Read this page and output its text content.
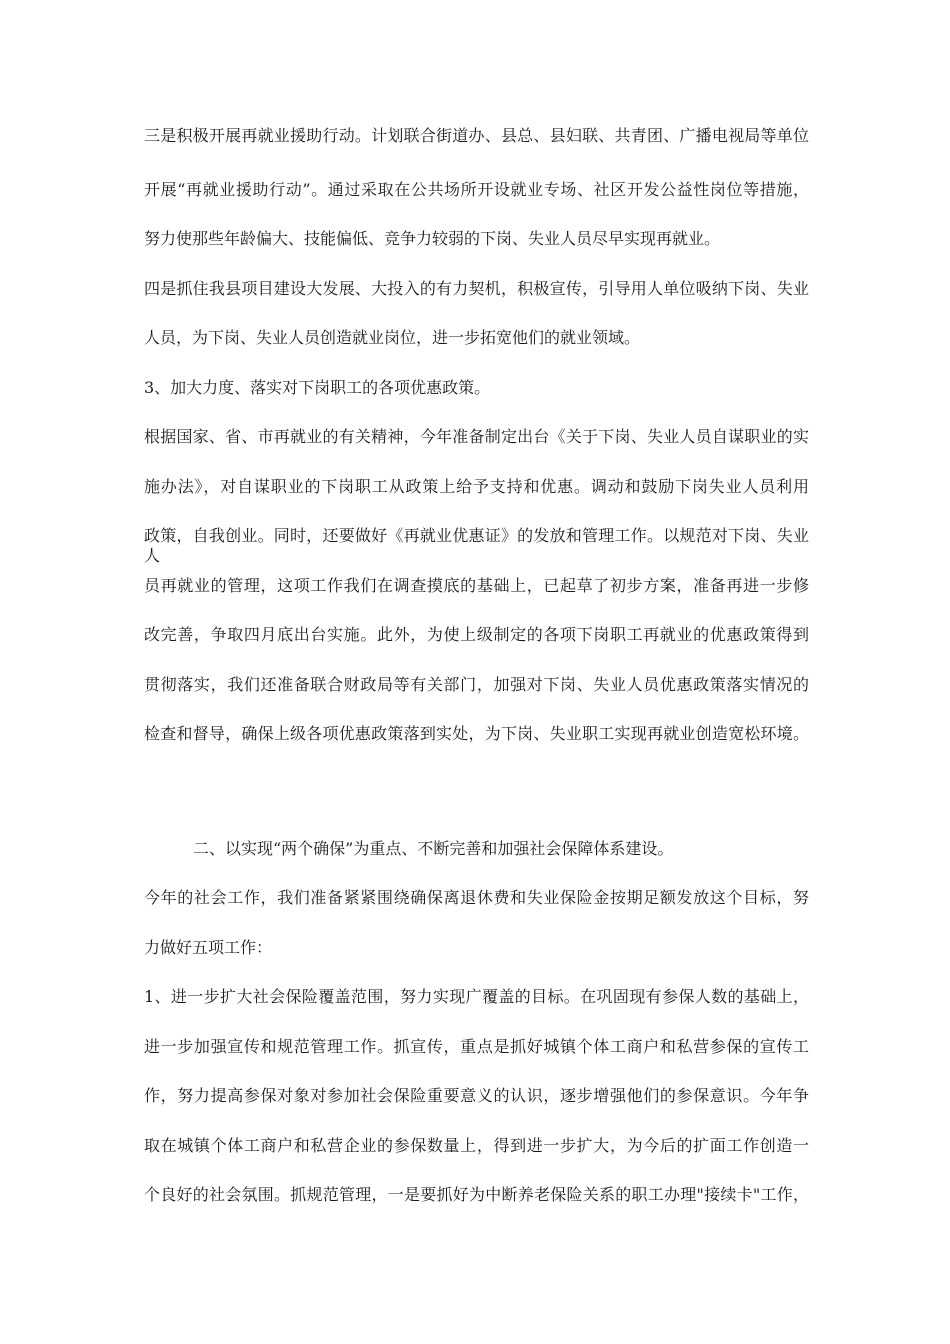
三是积极开展再就业援助行动。计划联合街道办、县总、县妇联、共青团、广播电视局等单位

开展“再就业援助行动”。通过采取在公共场所开设就业专场、社区开发公益性岗位等措施，

努力使那些年龄偏大、技能偏低、竞争力较弱的下岗、失业人员尽早实现再就业。

四是抓住我县项目建设大发展、大投入的有力契机，积极宣传，引导用人单位吸纳下岗、失业

人员，为下岗、失业人员创造就业岗位，进一步拓宽他们的就业领域。

3、加大力度、落实对下岗职工的各项优惠政策。

根据国家、省、市再就业的有关精神，今年准备制定出台《关于下岗、失业人员自谋职业的实

施办法》，对自谋职业的下岗职工从政策上给予支持和优惠。调动和鼓励下岗失业人员利用

政策，自我创业。同时，还要做好《再就业优惠证》的发放和管理工作。以规范对下岗、失业人

员再就业的管理，这项工作我们在调查摸底的基础上，已起草了初步方案，准备再进一步修

改完善，争取四月底出台实施。此外，为使上级制定的各项下岗职工再就业的优惠政策得到

贯彻落实，我们还准备联合财政局等有关部门，加强对下岗、失业人员优惠政策落实情况的

检查和督导，确保上级各项优惠政策落到实处，为下岗、失业职工实现再就业创造宽松环境。

二、以实现“两个确保”为重点、不断完善和加强社会保障体系建设。

今年的社会工作，我们准备紧紧围绕确保离退休费和失业保险金按期足额发放这个目标，努

力做好五项工作：

1、进一步扩大社会保险覆盖范围，努力实现广覆盖的目标。在巩固现有参保人数的基础上，

进一步加强宣传和规范管理工作。抓宣传，重点是抓好城镇个体工商户和私营参保的宣传工

作，努力提高参保对象对参加社会保险重要意义的认识，逐步增强他们的参保意识。今年争

取在城镇个体工商户和私营企业的参保数量上，得到进一步扩大，为今后的扩面工作创造一

个良好的社会氛围。抓规范管理，一是要抓好为中断养老保险关系的职工办理"接续卡"工作，
